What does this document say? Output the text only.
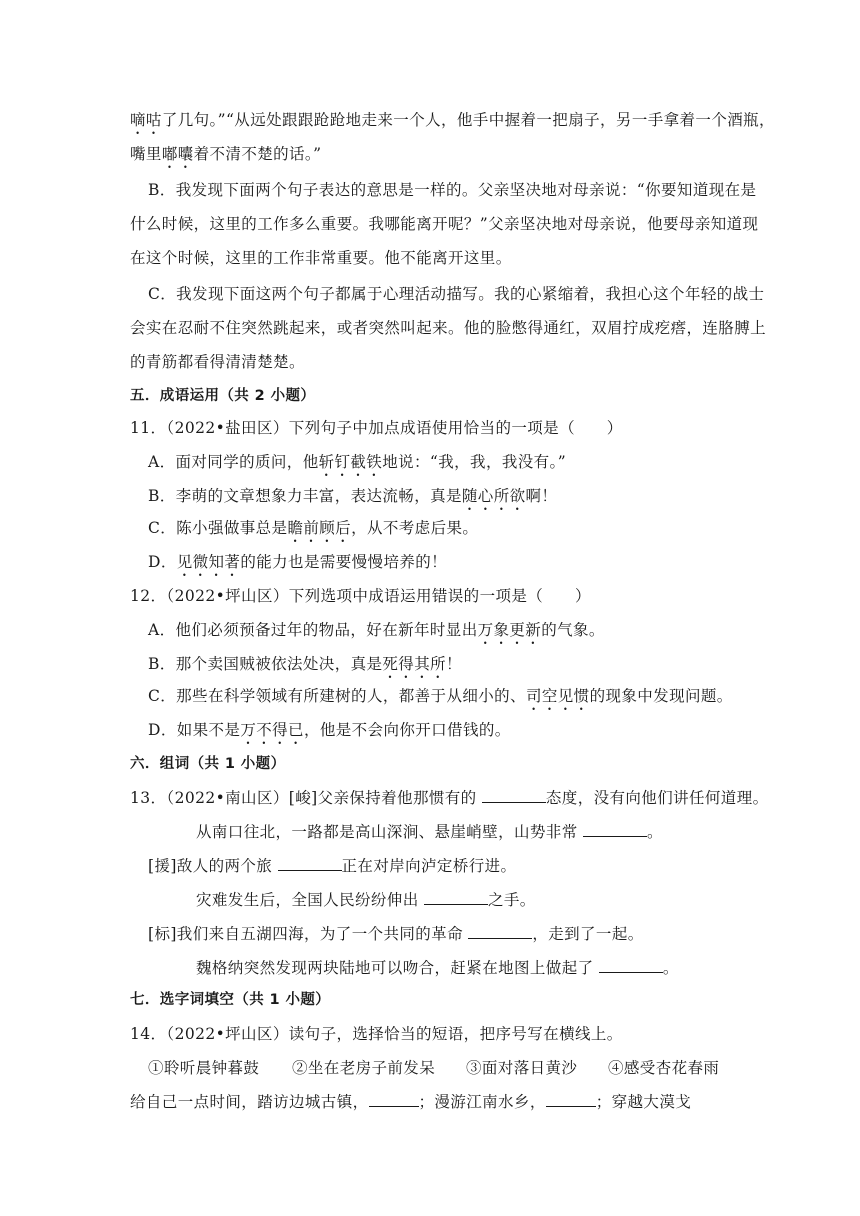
嘀咕了几句。”“从远处跟跟跄跄地走来一个人，他手中握着一把扇子，另一手拿着一个酒瓶，
嘴里嘟囔着不清不楚的话。”
B．我发现下面两个句子表达的意思是一样的。父亲坚决地对母亲说：“你要知道现在是
什么时候，这里的工作多么重要。我哪能离开呢？”父亲坚决地对母亲说，他要母亲知道现
在这个时候，这里的工作非常重要。他不能离开这里。
C．我发现下面这两个句子都属于心理活动描写。我的心紧缩着，我担心这个年轻的战士
会实在忍耐不住突然跳起来，或者突然叫起来。他的脸憋得通红，双眉拧成疙瘩，连胳膊上
的青筋都看得清清楚楚。
五．成语运用（共 2 小题）
11．（2022•盐田区）下列句子中加点成语使用恰当的一项是（　　）
A．面对同学的质问，他斩钉截铁地说：“我，我，我没有。”
B．李萌的文章想象力丰富，表达流畅，真是随心所欲啊！
C．陈小强做事总是瞻前顾后，从不考虑后果。
D．见微知著的能力也是需要慢慢培养的！
12．（2022•坪山区）下列选项中成语运用错误的一项是（　　）
A．他们必须预备过年的物品，好在新年时显出万象更新的气象。
B．那个卖国贼被依法处决，真是死得其所！
C．那些在科学领域有所建树的人，都善于从细小的、司空见惯的现象中发现问题。
D．如果不是万不得已，他是不会向你开口借钱的。
六．组词（共 1 小题）
13．（2022•南山区）[峻]父亲保持着他那惯有的	态度，没有向他们讲任何道理。
从南口往北，一路都是高山深涧、悬崖峭壁，山势非常	。
[援]敌人的两个旅	正在对岸向泸定桥行进。
灾难发生后，全国人民纷纷伸出	之手。
[标]我们来自五湖四海，为了一个共同的革命	，走到了一起。
魏格纳突然发现两块陆地可以吻合，赶紧在地图上做起了	。
七．选字词填空（共 1 小题）
14．（2022•坪山区）读句子，选择恰当的短语，把序号写在横线上。
①聆听晨钟暮鼓 ②坐在老房子前发呆 ③面对落日黄沙 ④感受杏花春雨
给自己一点时间，踏访边城古镇，	；漫游江南水乡，	；穿越大漠戈
